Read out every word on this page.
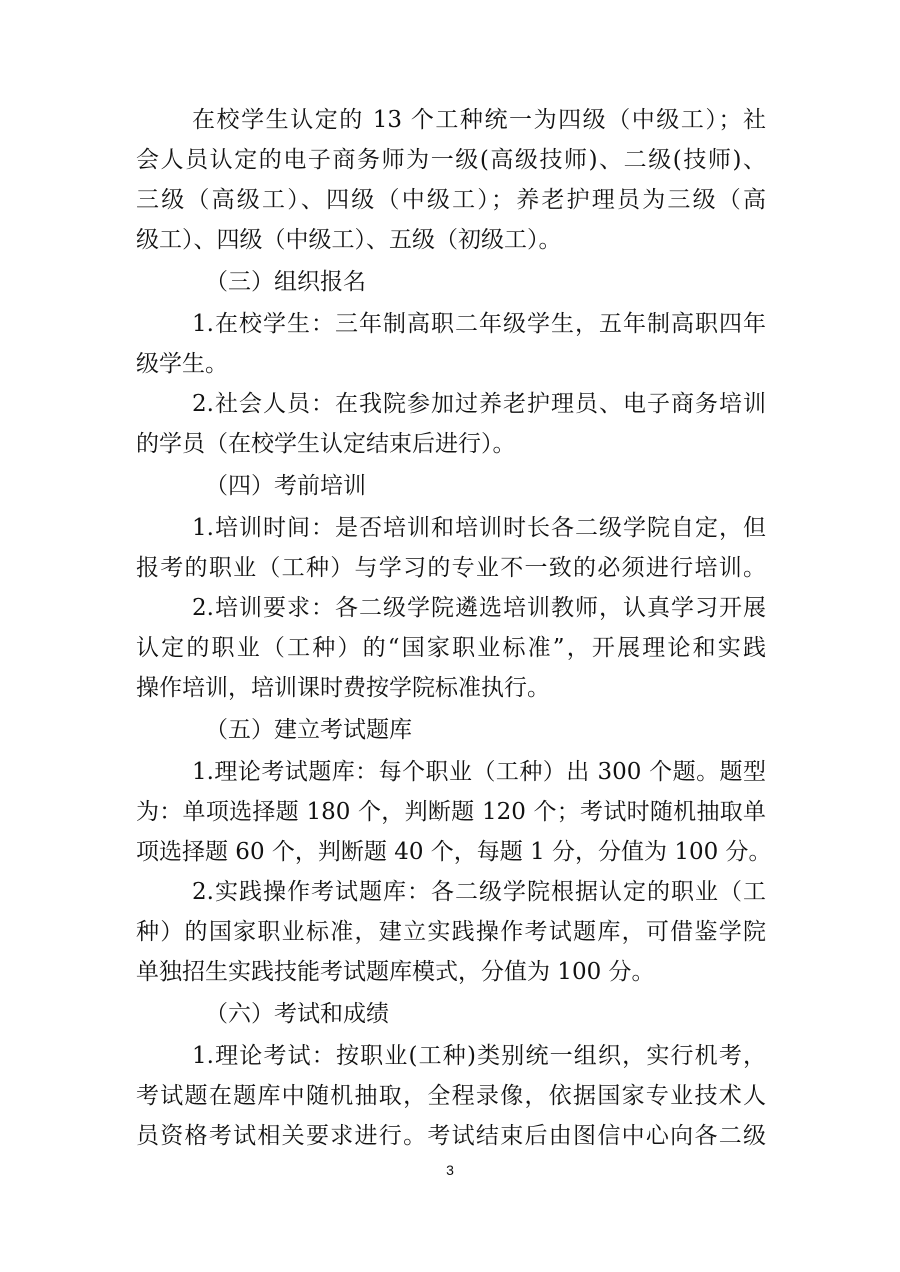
在校学生认定的 13 个工种统一为四级（中级工）；社
会人员认定的电子商务师为一级(高级技师)、二级(技师)、
三级（高级工）、四级（中级工）；养老护理员为三级（高
级工）、四级（中级工）、五级（初级工）。
（三）组织报名
1.在校学生：三年制高职二年级学生，五年制高职四年
级学生。
2.社会人员：在我院参加过养老护理员、电子商务培训
的学员（在校学生认定结束后进行）。
（四）考前培训
1.培训时间：是否培训和培训时长各二级学院自定，但
报考的职业（工种）与学习的专业不一致的必须进行培训。
2.培训要求：各二级学院遴选培训教师，认真学习开展
认定的职业（工种）的“国家职业标准”，开展理论和实践
操作培训，培训课时费按学院标准执行。
（五）建立考试题库
1.理论考试题库：每个职业（工种）出 300 个题。题型
为：单项选择题 180 个，判断题 120 个；考试时随机抽取单
项选择题 60 个，判断题 40 个，每题 1 分，分值为 100 分。
2.实践操作考试题库：各二级学院根据认定的职业（工
种）的国家职业标准，建立实践操作考试题库，可借鉴学院
单独招生实践技能考试题库模式，分值为 100 分。
（六）考试和成绩
1.理论考试：按职业(工种)类别统一组织，实行机考，
考试题在题库中随机抽取，全程录像，依据国家专业技术人
员资格考试相关要求进行。考试结束后由图信中心向各二级
3
